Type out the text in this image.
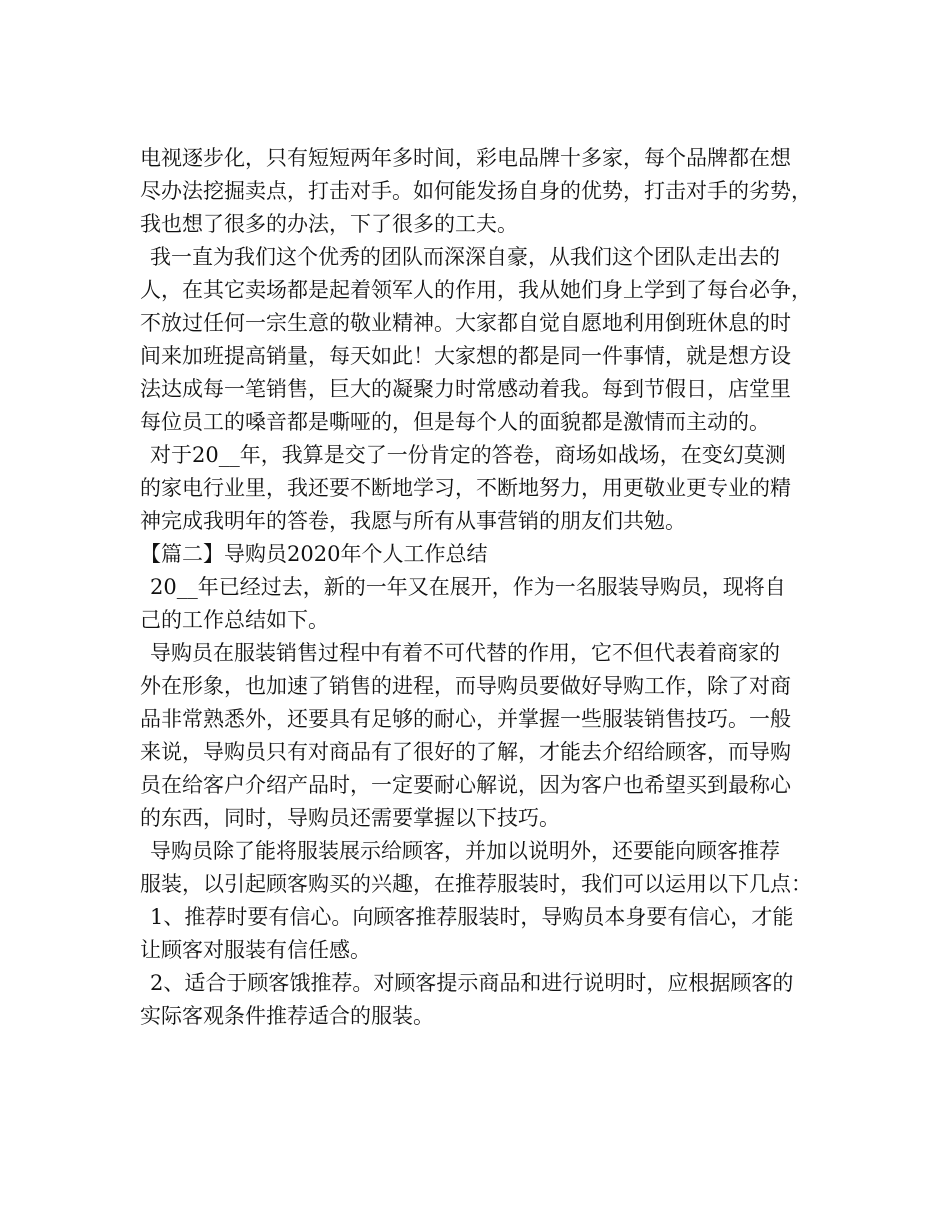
电视逐步化，只有短短两年多时间，彩电品牌十多家，每个品牌都在想
尽办法挖掘卖点，打击对手。如何能发扬自身的优势，打击对手的劣势，
我也想了很多的办法，下了很多的工夫。
我一直为我们这个优秀的团队而深深自豪，从我们这个团队走出去的
人，在其它卖场都是起着领军人的作用，我从她们身上学到了每台必争，
不放过任何一宗生意的敬业精神。大家都自觉自愿地利用倒班休息的时
间来加班提高销量，每天如此！大家想的都是同一件事情，就是想方设
法达成每一笔销售，巨大的凝聚力时常感动着我。每到节假日，店堂里
每位员工的嗓音都是嘶哑的，但是每个人的面貌都是激情而主动的。
对于20__年，我算是交了一份肯定的答卷，商场如战场，在变幻莫测
的家电行业里，我还要不断地学习，不断地努力，用更敬业更专业的精
神完成我明年的答卷，我愿与所有从事营销的朋友们共勉。
【篇二】导购员2020年个人工作总结
20__年已经过去，新的一年又在展开，作为一名服装导购员，现将自
己的工作总结如下。
导购员在服装销售过程中有着不可代替的作用，它不但代表着商家的
外在形象，也加速了销售的进程，而导购员要做好导购工作，除了对商
品非常熟悉外，还要具有足够的耐心，并掌握一些服装销售技巧。一般
来说，导购员只有对商品有了很好的了解，才能去介绍给顾客，而导购
员在给客户介绍产品时，一定要耐心解说，因为客户也希望买到最称心
的东西，同时，导购员还需要掌握以下技巧。
导购员除了能将服装展示给顾客，并加以说明外，还要能向顾客推荐
服装，以引起顾客购买的兴趣，在推荐服装时，我们可以运用以下几点：
1、推荐时要有信心。向顾客推荐服装时，导购员本身要有信心，才能
让顾客对服装有信任感。
2、适合于顾客饿推荐。对顾客提示商品和进行说明时，应根据顾客的
实际客观条件推荐适合的服装。
